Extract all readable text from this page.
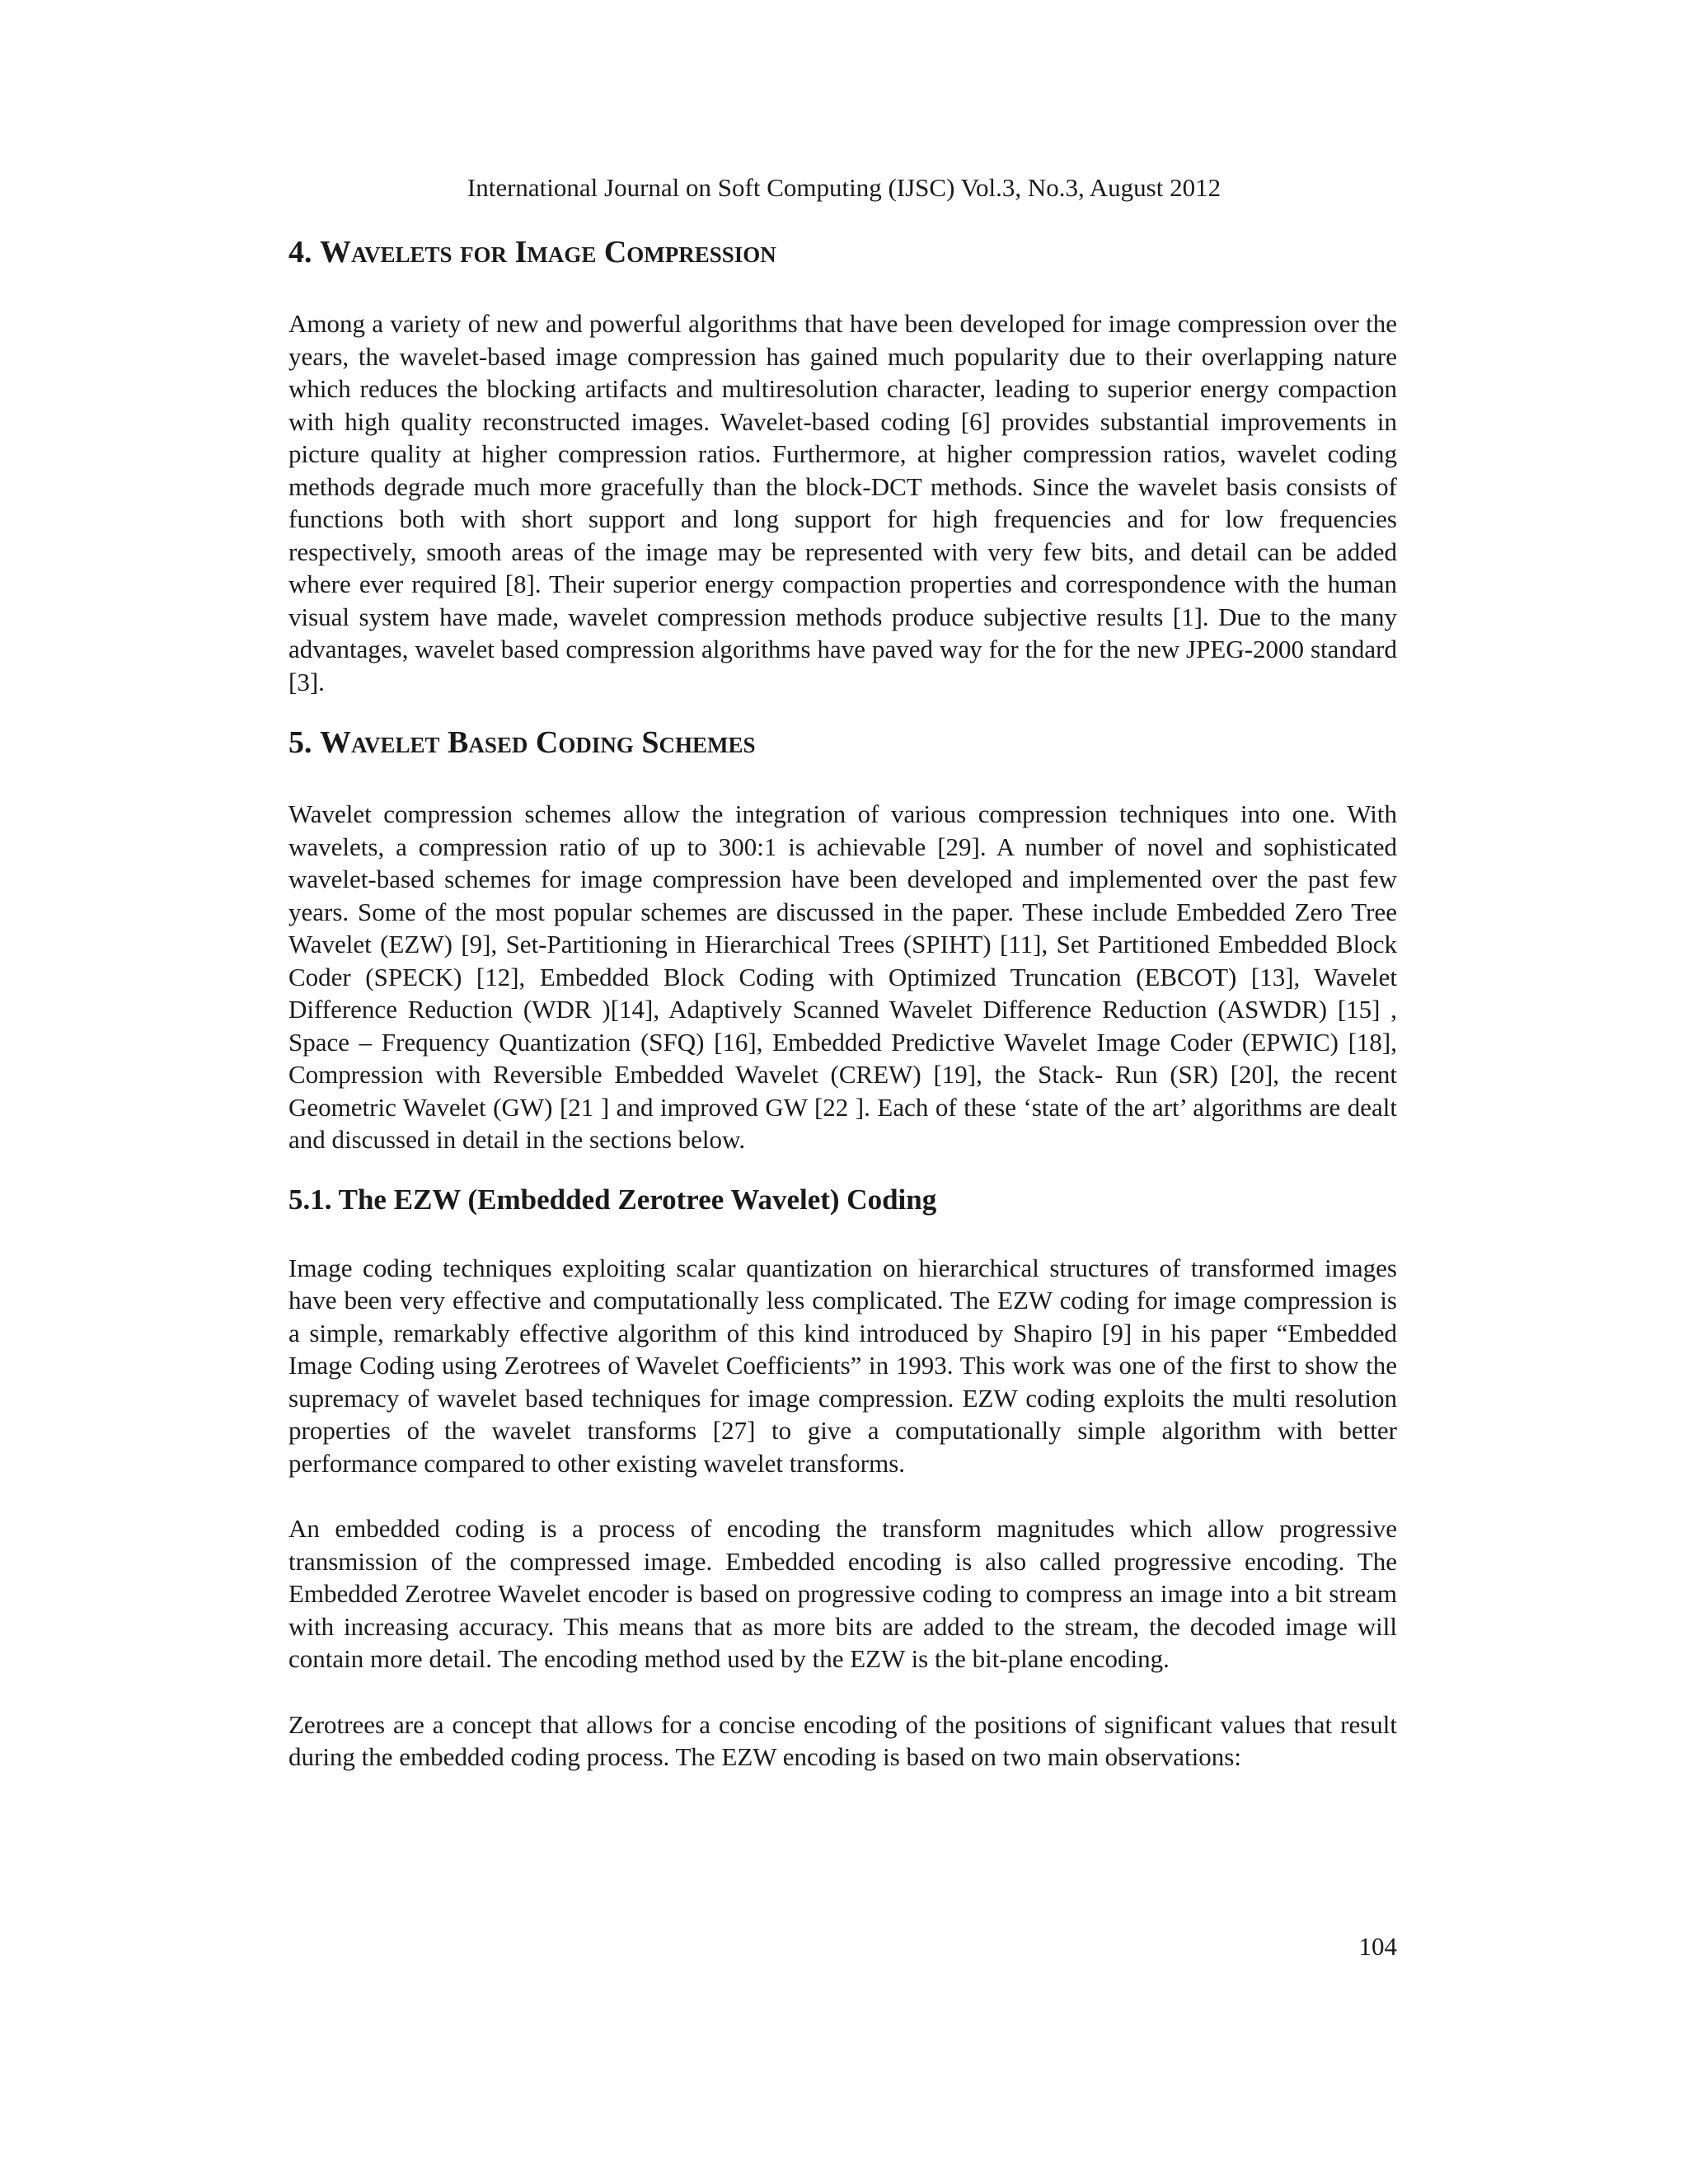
International Journal on Soft Computing (IJSC) Vol.3, No.3, August 2012
4. Wavelets for Image Compression

Among a variety of new and powerful algorithms that have been developed for image compression over the years, the wavelet-based image compression has gained much popularity due to their overlapping nature which reduces the blocking artifacts and multiresolution character, leading to superior energy compaction with high quality reconstructed images. Wavelet-based coding [6] provides substantial improvements in picture quality at higher compression ratios. Furthermore, at higher compression ratios, wavelet coding methods degrade much more gracefully than the block-DCT methods. Since the wavelet basis consists of functions both with short support and long support for high frequencies and for low frequencies respectively, smooth areas of the image may be represented with very few bits, and detail can be added where ever required [8]. Their superior energy compaction properties and correspondence with the human visual system have made, wavelet compression methods produce subjective results [1]. Due to the many advantages, wavelet based compression algorithms have paved way for the for the new JPEG-2000 standard [3].

5. Wavelet Based Coding Schemes

Wavelet compression schemes allow the integration of various compression techniques into one. With wavelets, a compression ratio of up to 300:1 is achievable [29]. A number of novel and sophisticated wavelet-based schemes for image compression have been developed and implemented over the past few years. Some of the most popular schemes are discussed in the paper. These include Embedded Zero Tree Wavelet (EZW) [9], Set-Partitioning in Hierarchical Trees (SPIHT) [11], Set Partitioned Embedded Block Coder (SPECK) [12], Embedded Block Coding with Optimized Truncation (EBCOT) [13], Wavelet Difference Reduction (WDR )[14], Adaptively Scanned Wavelet Difference Reduction (ASWDR) [15] , Space – Frequency Quantization (SFQ) [16], Embedded Predictive Wavelet Image Coder (EPWIC) [18], Compression with Reversible Embedded Wavelet (CREW) [19], the Stack- Run (SR) [20], the recent Geometric Wavelet (GW) [21 ] and improved GW [22 ]. Each of these ‘state of the art’ algorithms are dealt and discussed in detail in the sections below.

5.1. The EZW (Embedded Zerotree Wavelet) Coding

Image coding techniques exploiting scalar quantization on hierarchical structures of transformed images have been very effective and computationally less complicated. The EZW coding for image compression is a simple, remarkably effective algorithm of this kind introduced by Shapiro [9] in his paper “Embedded Image Coding using Zerotrees of Wavelet Coefficients” in 1993. This work was one of the first to show the supremacy of wavelet based techniques for image compression. EZW coding exploits the multi resolution properties of the wavelet transforms [27] to give a computationally simple algorithm with better performance compared to other existing wavelet transforms.

An embedded coding is a process of encoding the transform magnitudes which allow progressive transmission of the compressed image. Embedded encoding is also called progressive encoding. The Embedded Zerotree Wavelet encoder is based on progressive coding to compress an image into a bit stream with increasing accuracy. This means that as more bits are added to the stream, the decoded image will contain more detail. The encoding method used by the EZW is the bit-plane encoding.

Zerotrees are a concept that allows for a concise encoding of the positions of significant values that result during the embedded coding process. The EZW encoding is based on two main observations:

104
